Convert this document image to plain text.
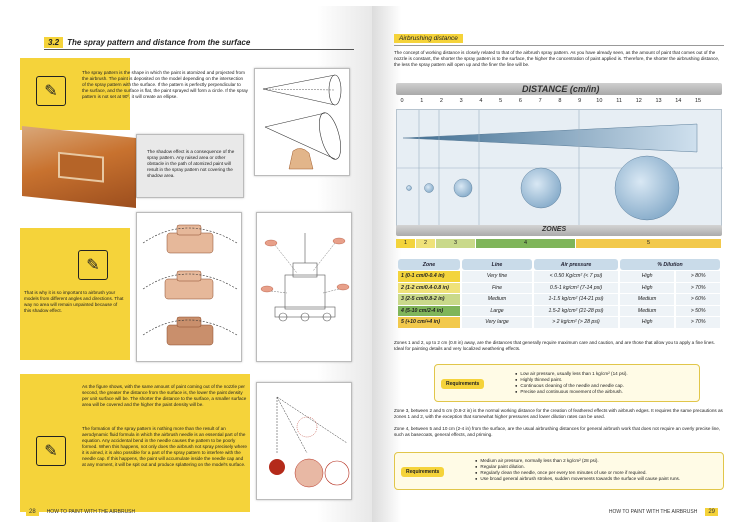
3.2	The spray pattern and distance from the surface
✎
The spray pattern is the shape in which the paint is atomized and projected from the airbrush. The paint is deposited on the model depending on the intersection of the spray pattern with the surface. If the pattern is perfectly perpendicular to the surface, and the surface is flat, the paint sprayed will form a circle. If the spray pattern is not set at 90º, it will create an ellipse.
The shadow effect is a consequence of the spray pattern. Any raised area or other obstacle in the path of atomized paint will result in the spray pattern not covering the shadow area.
✎
That is why it is so important to airbrush your models from different angles and directions. That way no area will remain unpainted because of this shadow effect.
As the figure shows, with the same amount of paint coming out of the nozzle per second, the greater the distance from the surface is, the lower the paint density per unit surface will be. The shorter the distance to the surface, a smaller surface area will be covered and the higher the paint density will be.
✎
The formation of the spray pattern is nothing more than the result of an aerodynamic fluid formula in which the airbrush needle is an essential part of the equation. Any accidental bend in the needle causes the pattern to be poorly formed. When this happens, not only does the airbrush not spray precisely where it is aimed, it is also possible for a part of the spray pattern to interfere with the needle cap. If this happens, the paint will accumulate inside the needle cap and at any moment, it will be spit out and produce splattering on the model's surface.
28	HOW TO PAINT WITH THE AIRBRUSH
Airbrushing distance
The concept of working distance is closely related to that of the airbrush spray pattern. As you have already seen, as the amount of paint that comes out of the nozzle is constant, the shorter the spray pattern is to the surface, the higher the concentration of paint applied is. Therefore, the shorter the airbrushing distance, the less the spray pattern will open up and the finer the line will be.
DISTANCE (cm/in)
0	1	2	3	4	5	6	7	8	9	10	11	12 13 14 15
ZONES
1	2	3	4	5
Zone	Line	Air pressure	% Dilution	
1 (0-1 cm/0-0.4 in)	Very fine	< 0.50 Kg/cm² (< 7 psi)	High	> 80%
2 (1-2 cm/0.4-0.8 in)	Fine	0.5-1 kg/cm² (7-14 psi)	High	> 70%
3 (2-5 cm/0.8-2 in)	Medium	1-1.5 kg/cm² (14-21 psi)	Medium	> 60%
4 (5-10 cm/2-4 in)	Large	1.5-2 kg/cm² (21-28 psi)	Medium	> 50%
5 (+10 cm/+4 in)	Very large	> 2 kg/cm² (> 28 psi)	High	> 70%
Zones 1 and 2, up to 2 cm (0.8 in) away, are the distances that generally require maximum care and caution, and are those that allow you to apply a fine lines. Ideal for painting details and very localized weathering effects.
Requirements
● Low air pressure, usually less than 1 kg/cm² (14 psi).
● Highly thinned paint.
● Continuous cleaning of the needle and needle cap.
● Precise and continuous movement of the airbrush.
Zone 3, between 2 and 5 cm (0.8-2 in) is the normal working distance for the creation of feathered effects with airbrush edges. It requires the same precautions as zones 1 and 2, with the exception that somewhat higher pressures and lower dilution rates can be used.
Zone 4, between 5 and 10 cm (2-4 in) from the surface, are the usual airbrushing distances for general airbrush work that does not require an overly precise line, such as basecoats, general effects, and priming.
Requirements
● Medium air pressure, normally less than 2 kg/cm² (28 psi).
● Regular paint dilution.
● Regularly clean the needle, once per every ten minutes of use or more if required.
● Use broad general airbrush strokes, sudden movements towards the surface will cause paint runs.
HOW TO PAINT WITH THE AIRBRUSH	29
